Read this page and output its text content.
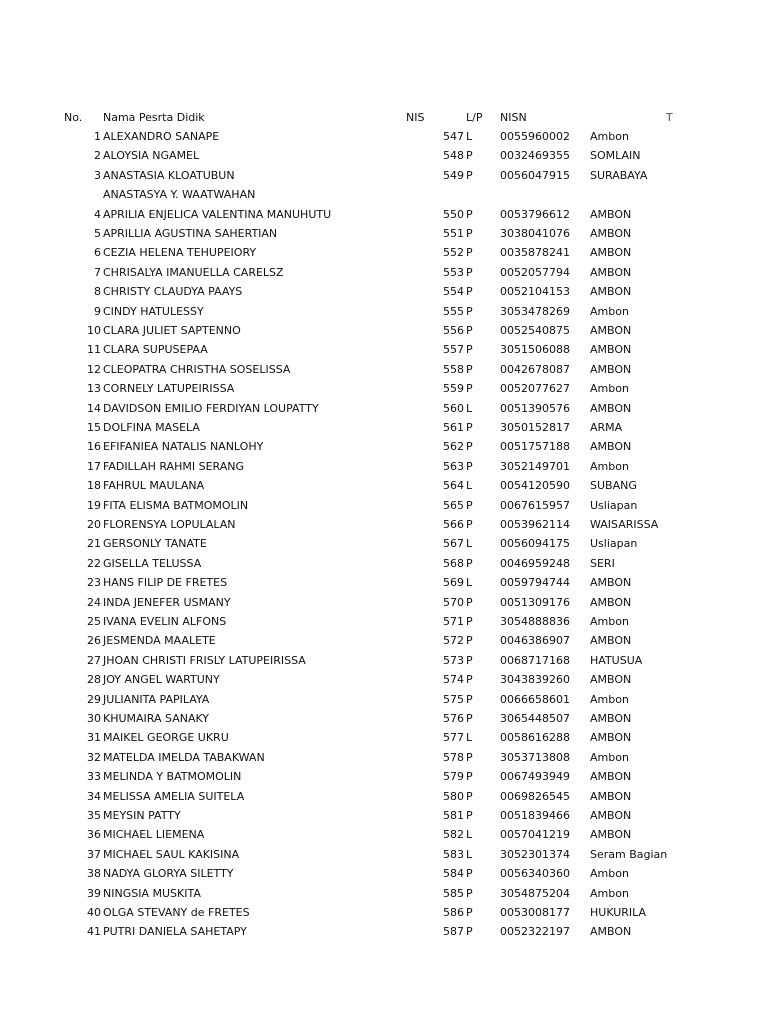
No. Nama Pesrta Didik	NIS	L/P NISN	T
1 ALEXANDRO SANAPE	547 L	0055960002 Ambon
2 ALOYSIA NGAMEL	548 P 0032469355 SOMLAIN
3 ANASTASIA KLOATUBUN	549 P 0056047915 SURABAYA
ANASTASYA Y. WAATWAHAN
4 APRILIA ENJELICA VALENTINA MANUHUTU	550 P 0053796612 AMBON
5 APRILLIA AGUSTINA SAHERTIAN	551 P 3038041076 AMBON
6 CEZIA HELENA TEHUPEIORY	552 P 0035878241 AMBON
7 CHRISALYA IMANUELLA CARELSZ	553 P 0052057794 AMBON
8 CHRISTY CLAUDYA PAAYS	554 P 0052104153 AMBON
9 CINDY HATULESSY	555 P 3053478269 Ambon
10 CLARA JULIET SAPTENNO	556 P 0052540875 AMBON
11 CLARA SUPUSEPAA	557 P 3051506088 AMBON
12 CLEOPATRA CHRISTHA SOSELISSA	558 P 0042678087 AMBON
13 CORNELY LATUPEIRISSA	559 P 0052077627 Ambon
14 DAVIDSON EMILIO FERDIYAN LOUPATTY	560 L	0051390576 AMBON
15 DOLFINA MASELA	561 P 3050152817 ARMA
16 EFIFANIEA NATALIS NANLOHY	562 P 0051757188 AMBON
17 FADILLAH RAHMI SERANG	563 P 3052149701 Ambon
18 FAHRUL MAULANA	564 L	0054120590 SUBANG
19 FITA ELISMA BATMOMOLIN	565 P 0067615957 Usliapan
20 FLORENSYA LOPULALAN	566 P 0053962114 WAISARISSA
21 GERSONLY TANATE	567 L	0056094175 Usliapan
22 GISELLA TELUSSA	568 P 0046959248 SERI
23 HANS FILIP DE FRETES	569 L	0059794744 AMBON
24 INDA JENEFER USMANY	570 P 0051309176 AMBON
25 IVANA EVELIN ALFONS	571 P 3054888836 Ambon
26 JESMENDA MAALETE	572 P 0046386907 AMBON
27 JHOAN CHRISTI FRISLY LATUPEIRISSA	573 P 0068717168 HATUSUA
28 JOY ANGEL WARTUNY	574 P 3043839260 AMBON
29 JULIANITA PAPILAYA	575 P 0066658601 Ambon
30 KHUMAIRA SANAKY	576 P 3065448507 AMBON
31 MAIKEL GEORGE UKRU	577 L	0058616288 AMBON
32 MATELDA IMELDA TABAKWAN	578 P 3053713808 Ambon
33 MELINDA Y BATMOMOLIN	579 P 0067493949 AMBON
34 MELISSA AMELIA SUITELA	580 P 0069826545 AMBON
35 MEYSIN PATTY	581 P 0051839466 AMBON
36 MICHAEL LIEMENA	582 L	0057041219 AMBON
37 MICHAEL SAUL KAKISINA	583 L	3052301374 Seram Bagian
38 NADYA GLORYA SILETTY	584 P 0056340360 Ambon
39 NINGSIA MUSKITA	585 P 3054875204 Ambon
40 OLGA STEVANY de FRETES	586 P 0053008177 HUKURILA
41 PUTRI DANIELA SAHETAPY	587 P 0052322197 AMBON
